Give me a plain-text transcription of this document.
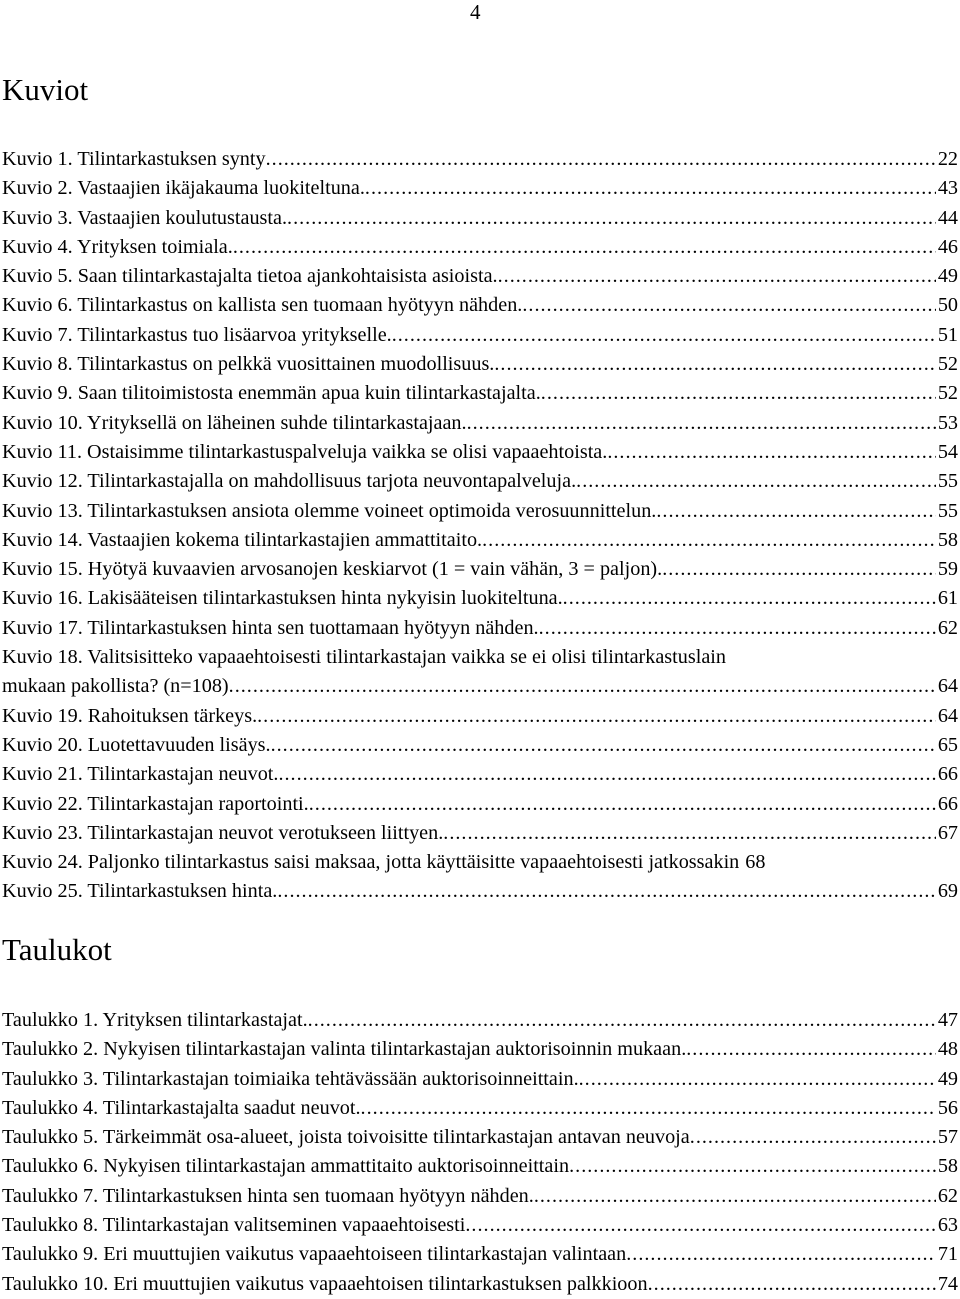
4
Kuviot
Kuvio 1. Tilintarkastuksen synty .....	22
Kuvio 2. Vastaajien ikäjakauma luokiteltuna. .....	43
Kuvio 3. Vastaajien koulutustausta. .....	44
Kuvio 4. Yrityksen toimiala. .....	46
Kuvio 5. Saan tilintarkastajalta tietoa ajankohtaisista asioista. .....	49
Kuvio 6. Tilintarkastus on kallista sen tuomaan hyötyyn nähden. .....	50
Kuvio 7. Tilintarkastus tuo lisäarvoa yritykselle. .....	51
Kuvio 8. Tilintarkastus on pelkkä vuosittainen muodollisuus. .....	52
Kuvio 9. Saan tilitoimistosta enemmän apua kuin tilintarkastajalta. .....	52
Kuvio 10. Yrityksellä on läheinen suhde tilintarkastajaan. .....	53
Kuvio 11. Ostaisimme tilintarkastuspalveluja vaikka se olisi vapaaehtoista. .....	54
Kuvio 12. Tilintarkastajalla on mahdollisuus tarjota neuvontapalveluja. .....	55
Kuvio 13. Tilintarkastuksen ansiota olemme voineet optimoida verosuunnittelun. .....	55
Kuvio 14. Vastaajien kokema tilintarkastajien ammattitaito. .....	58
Kuvio 15. Hyötyä kuvaavien arvosanojen keskiarvot (1 = vain vähän, 3 = paljon). .....	59
Kuvio 16. Lakisääteisen tilintarkastuksen hinta nykyisin luokiteltuna. .....	61
Kuvio 17. Tilintarkastuksen hinta sen tuottamaan hyötyyn nähden. .....	62
Kuvio 18. Valitsisitteko vapaaehtoisesti tilintarkastajan vaikka se ei olisi tilintarkastuslain
mukaan pakollista? (n=108) .....	64
Kuvio 19. Rahoituksen tärkeys. .....	64
Kuvio 20. Luotettavuuden lisäys. .....	65
Kuvio 21. Tilintarkastajan neuvot. .....	66
Kuvio 22. Tilintarkastajan raportointi. .....	66
Kuvio 23. Tilintarkastajan neuvot verotukseen liittyen. .....	67
Kuvio 24. Paljonko tilintarkastus saisi maksaa, jotta käyttäisitte vapaaehtoisesti jatkossakin 68
Kuvio 25. Tilintarkastuksen hinta. .....	69
Taulukot
Taulukko 1. Yrityksen tilintarkastajat. .....	47
Taulukko 2. Nykyisen tilintarkastajan valinta tilintarkastajan auktorisoinnin mukaan. .....	48
Taulukko 3. Tilintarkastajan toimiaika tehtävässään auktorisoinneittain. .....	49
Taulukko 4. Tilintarkastajalta saadut neuvot. .....	56
Taulukko 5. Tärkeimmät osa-alueet, joista toivoisitte tilintarkastajan antavan neuvoja .....	57
Taulukko 6. Nykyisen tilintarkastajan ammattitaito auktorisoinneittain .....	58
Taulukko 7. Tilintarkastuksen hinta sen tuomaan hyötyyn nähden. .....	62
Taulukko 8. Tilintarkastajan valitseminen vapaaehtoisesti .....	63
Taulukko 9. Eri muuttujien vaikutus vapaaehtoiseen tilintarkastajan valintaan .....	71
Taulukko 10. Eri muuttujien vaikutus vapaaehtoisen tilintarkastuksen palkkioon .....	74
